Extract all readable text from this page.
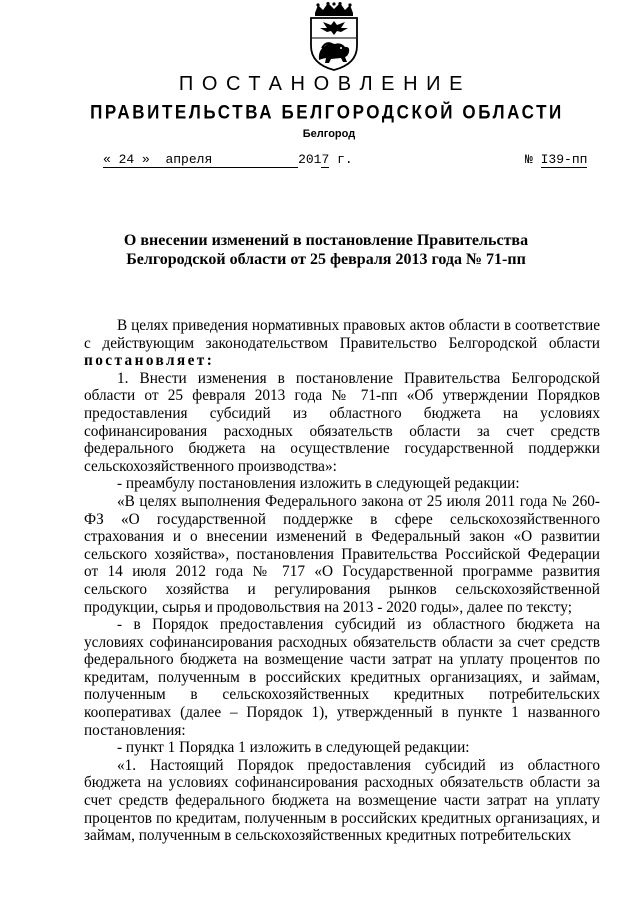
ПОСТАНОВЛЕНИЕ
ПРАВИТЕЛЬСТВА БЕЛГОРОДСКОЙ ОБЛАСТИ
Белгород
« 24 »  апреля           2017 г.	№ I39-пп
О внесении изменений в постановление Правительства
Белгородской области от 25 февраля 2013 года № 71-пп

В целях приведения нормативных правовых актов области в соответствие с действующим законодательством Правительство Белгородской области постановляет:

1. Внести изменения в постановление Правительства Белгородской области от 25 февраля 2013 года № 71-пп «Об утверждении Порядков предоставления субсидий из областного бюджета на условиях софинансирования расходных обязательств области за счет средств федерального бюджета на осуществление государственной поддержки сельскохозяйственного производства»:

- преамбулу постановления изложить в следующей редакции:

«В целях выполнения Федерального закона от 25 июля 2011 года № 260-ФЗ «О государственной поддержке в сфере сельскохозяйственного страхования и о внесении изменений в Федеральный закон «О развитии сельского хозяйства», постановления Правительства Российской Федерации от 14 июля 2012 года № 717 «О Государственной программе развития сельского хозяйства и регулирования рынков сельскохозяйственной продукции, сырья и продовольствия на 2013 - 2020 годы», далее по тексту;

- в Порядок предоставления субсидий из областного бюджета на условиях софинансирования расходных обязательств области за счет средств федерального бюджета на возмещение части затрат на уплату процентов по кредитам, полученным в российских кредитных организациях, и займам, полученным в сельскохозяйственных кредитных потребительских кооперативах (далее – Порядок 1), утвержденный в пункте 1 названного постановления:

- пункт 1 Порядка 1 изложить в следующей редакции:

«1. Настоящий Порядок предоставления субсидий из областного бюджета на условиях софинансирования расходных обязательств области за счет средств федерального бюджета на возмещение части затрат на уплату процентов по кредитам, полученным в российских кредитных организациях, и займам, полученным в сельскохозяйственных кредитных потребительских
